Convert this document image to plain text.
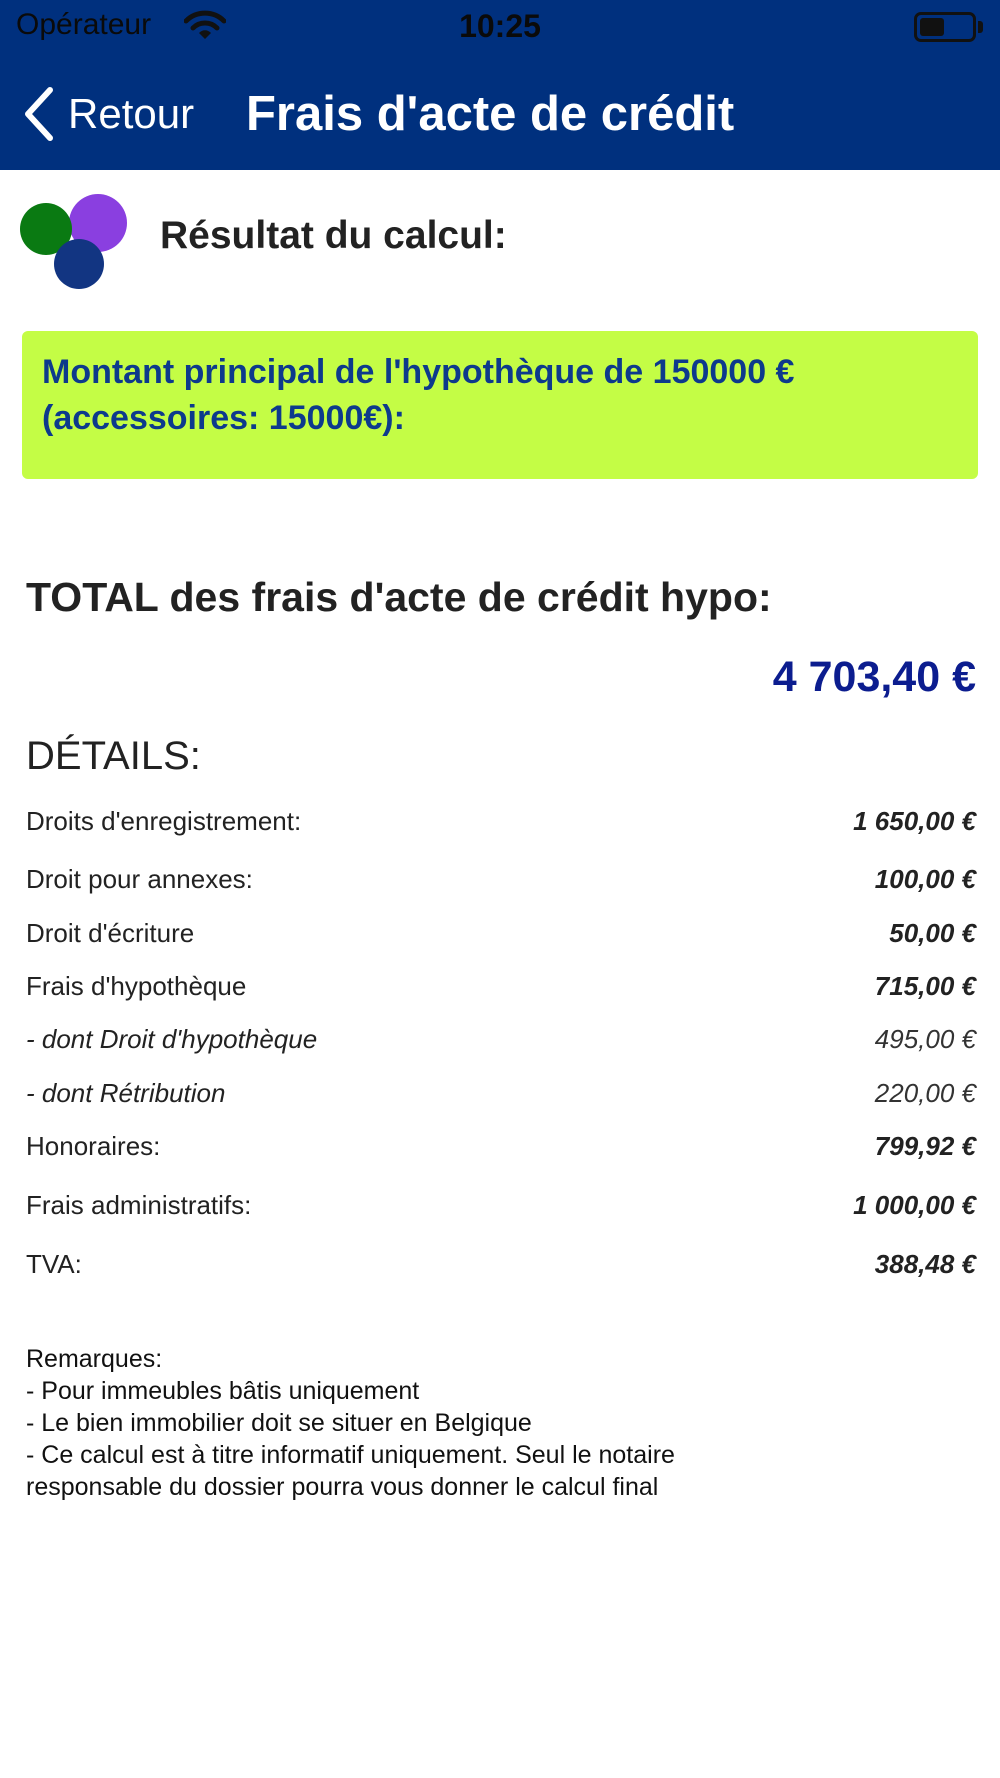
Opérateur	10:25
Retour Frais d'acte de crédit
Résultat du calcul:
Montant principal de l'hypothèque de 150000 €
(accessoires: 15000€):
TOTAL des frais d'acte de crédit hypo:
4 703,40 €
DÉTAILS:
Droits d'enregistrement:	1 650,00 €
Droit pour annexes:	100,00 €
Droit d'écriture	50,00 €
Frais d'hypothèque	715,00 €
- dont Droit d'hypothèque	495,00 €
- dont Rétribution	220,00 €
Honoraires:	799,92 €
Frais administratifs:	1 000,00 €
TVA:	388,48 €
Remarques:
- Pour immeubles bâtis uniquement
- Le bien immobilier doit se situer en Belgique
- Ce calcul est à titre informatif uniquement. Seul le notaire
responsable du dossier pourra vous donner le calcul final
